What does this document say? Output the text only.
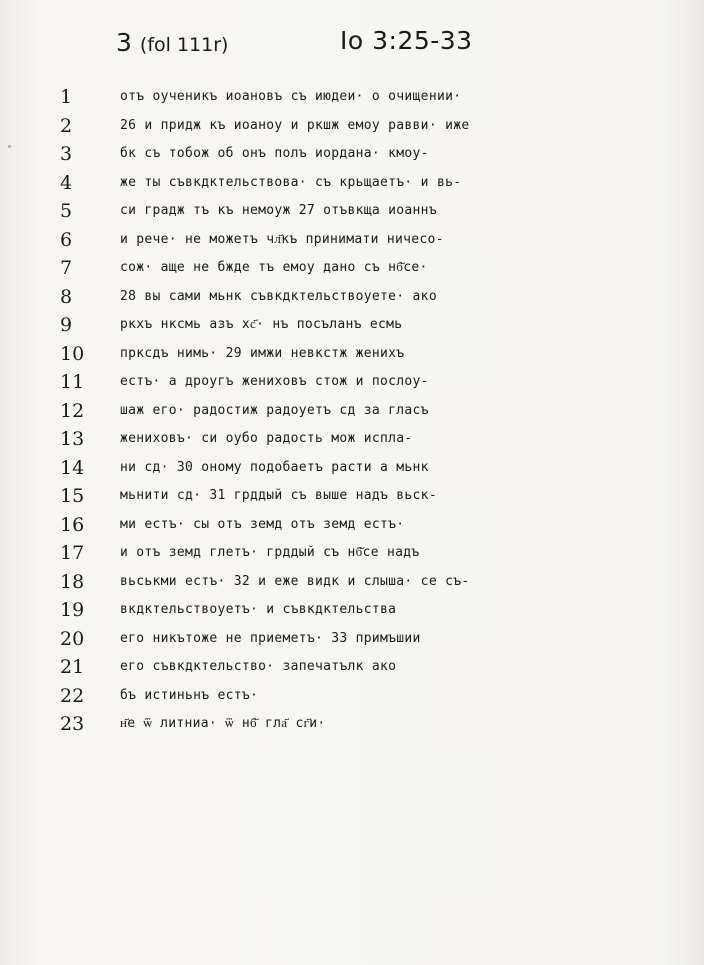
3 (fol 111r)	Io 3:25-33
1	отъ оученикъ иоановъ съ июдеи· о очищении·
2	26 и придж къ иоаноу и ркшж емоу равви· иже
3	бк съ тобож об онъ полъ иордана· кмоу-
4	же ты съвкдктельствова· съ крьщаетъ· и вь-
5	си градж тъ къ немоуж 27 отъвкща иоаннъ
6	и рече· не можетъ чл҃къ принимати ничесо-
7	сож· аще не бжде тъ емоу дано съ нб҃се·
8	28 вы сами мьнк съвкдктельствоуете· ако
9	ркхъ нксмь азъ хс҃· нъ посъланъ есмь
10	прксдъ нимь· 29 имжи невкстж женихъ
11	естъ· а дроугъ жениховъ стож и послоу-
12	шаж его· радостиж радоуетъ сд за гласъ
13	жениховъ· си оубо радость мож испла-
14	ни сд· 30 оному подобаетъ расти а мьнк
15	мьнити сд· 31 грддый съ выше надъ вьск-
16	ми естъ· сы отъ земд отъ земд естъ·
17	и отъ земд глетъ· грддый съ нб҃се надъ
18	вьськми естъ· 32 и еже видк и слыша· се съ-
19	вкдктельствоуетъ· и съвкдктельства
20	его никътоже не приеметъ· 33 примъшии
21	его съвкдктельство· запечатълк ако
22	бъ истиньнъ естъ·
23	н҃е ѿ литниа· ѿ нб҃ гла҃ сг҃и·
